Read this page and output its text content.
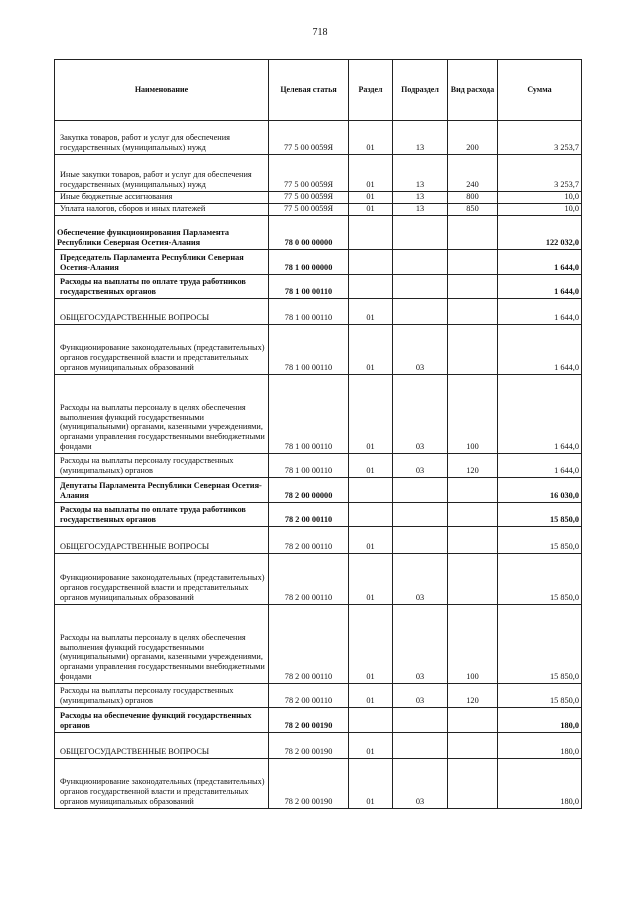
718
Наименование	Целевая статья	Раздел	Подраздел	Вид расхода	Сумма
Закупка товаров, работ и услуг для обеспечения государственных (муниципальных) нужд	77 5 00 0059Я	01	13	200	3 253,7
Иные закупки товаров, работ и услуг для обеспечения государственных (муниципальных) нужд	77 5 00 0059Я	01	13	240	3 253,7
Иные бюджетные ассигнования	77 5 00 0059Я	01	13	800	10,0
Уплата налогов, сборов и иных платежей	77 5 00 0059Я	01	13	850	10,0
Обеспечение функционирования Парламента Республики Северная Осетия-Алания	78 0 00 00000				122 032,0
Председатель Парламента Республики Северная Осетия-Алания	78 1 00 00000				1 644,0
Расходы на выплаты по оплате труда работников государственных органов	78 1 00 00110				1 644,0
ОБЩЕГОСУДАРСТВЕННЫЕ ВОПРОСЫ	78 1 00 00110	01			1 644,0
Функционирование законодательных (представительных) органов государственной власти и представительных органов муниципальных образований	78 1 00 00110	01	03		1 644,0
Расходы на выплаты персоналу в целях обеспечения выполнения функций государственными (муниципальными) органами, казенными учреждениями, органами управления государственными внебюджетными фондами	78 1 00 00110	01	03	100	1 644,0
Расходы на выплаты персоналу государственных (муниципальных) органов	78 1 00 00110	01	03	120	1 644,0
Депутаты Парламента Республики Северная Осетия-Алания	78 2 00 00000				16 030,0
Расходы на выплаты по оплате труда работников государственных органов	78 2 00 00110				15 850,0
ОБЩЕГОСУДАРСТВЕННЫЕ ВОПРОСЫ	78 2 00 00110	01			15 850,0
Функционирование законодательных (представительных) органов государственной власти и представительных органов муниципальных образований	78 2 00 00110	01	03		15 850,0
Расходы на выплаты персоналу в целях обеспечения выполнения функций государственными (муниципальными) органами, казенными учреждениями, органами управления государственными внебюджетными фондами	78 2 00 00110	01	03	100	15 850,0
Расходы на выплаты персоналу государственных (муниципальных) органов	78 2 00 00110	01	03	120	15 850,0
Расходы на обеспечение функций государственных органов	78 2 00 00190				180,0
ОБЩЕГОСУДАРСТВЕННЫЕ ВОПРОСЫ	78 2 00 00190	01			180,0
Функционирование законодательных (представительных) органов государственной власти и представительных органов муниципальных образований	78 2 00 00190	01	03		180,0
